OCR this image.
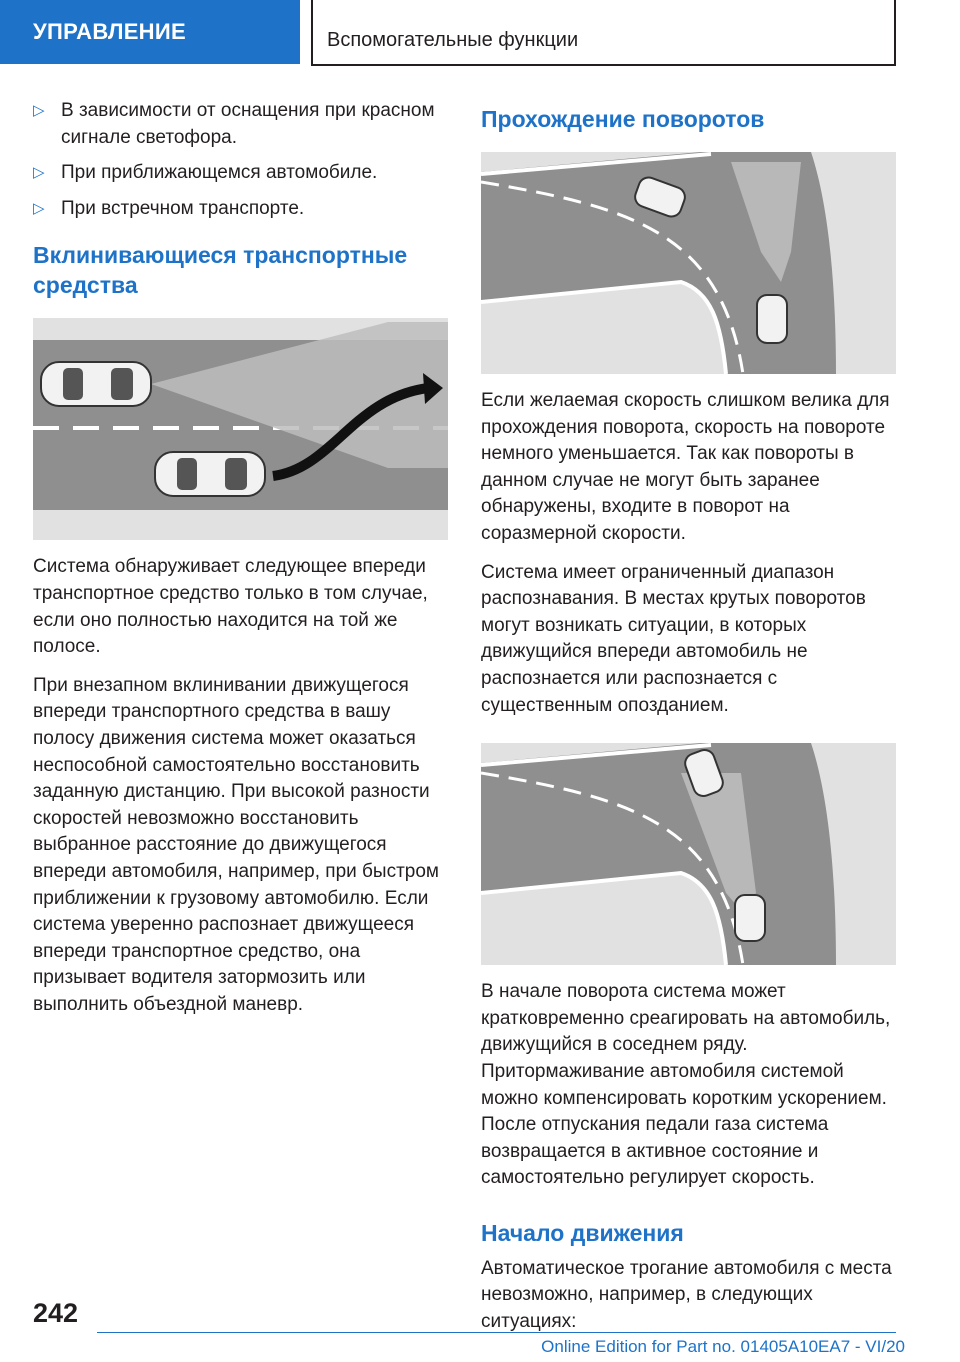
УПРАВЛЕНИЕ	Вспомогательные функции
▷ В зависимости от оснащения при красном сигнале светофора.
▷ При приближающемся автомобиле.
▷ При встречном транспорте.
Вклинивающиеся транспортные средства

Система обнаруживает следующее впереди транспортное средство только в том случае, если оно полностью находится на той же полосе.

При внезапном вклинивании движущегося впереди транспортного средства в вашу полосу движения система может оказаться неспособной самостоятельно восстановить заданную дистанцию. При высокой разности скоростей невозможно восстановить выбранное расстояние до движущегося впереди автомобиля, например, при быстром приближении к грузовому автомобилю. Если система уверенно распознает движущееся впереди транспортное средство, она призывает водителя затормозить или выполнить объездной маневр.

Прохождение поворотов

Если желаемая скорость слишком велика для прохождения поворота, скорость на повороте немного уменьшается. Так как повороты в данном случае не могут быть заранее обнаружены, входите в поворот на соразмерной скорости.

Система имеет ограниченный диапазон распознавания. В местах крутых поворотов могут возникать ситуации, в которых движущийся впереди автомобиль не распознается или распознается с существенным опозданием.

В начале поворота система может кратковременно среагировать на автомобиль, движущийся в соседнем ряду. Притормаживание автомобиля системой можно компенсировать коротким ускорением. После отпускания педали газа система возвращается в активное состояние и самостоятельно регулирует скорость.

Начало движения

Автоматическое трогание автомобиля с места невозможно, например, в следующих ситуациях:

242
Online Edition for Part no. 01405A10EA7 - VI/20
